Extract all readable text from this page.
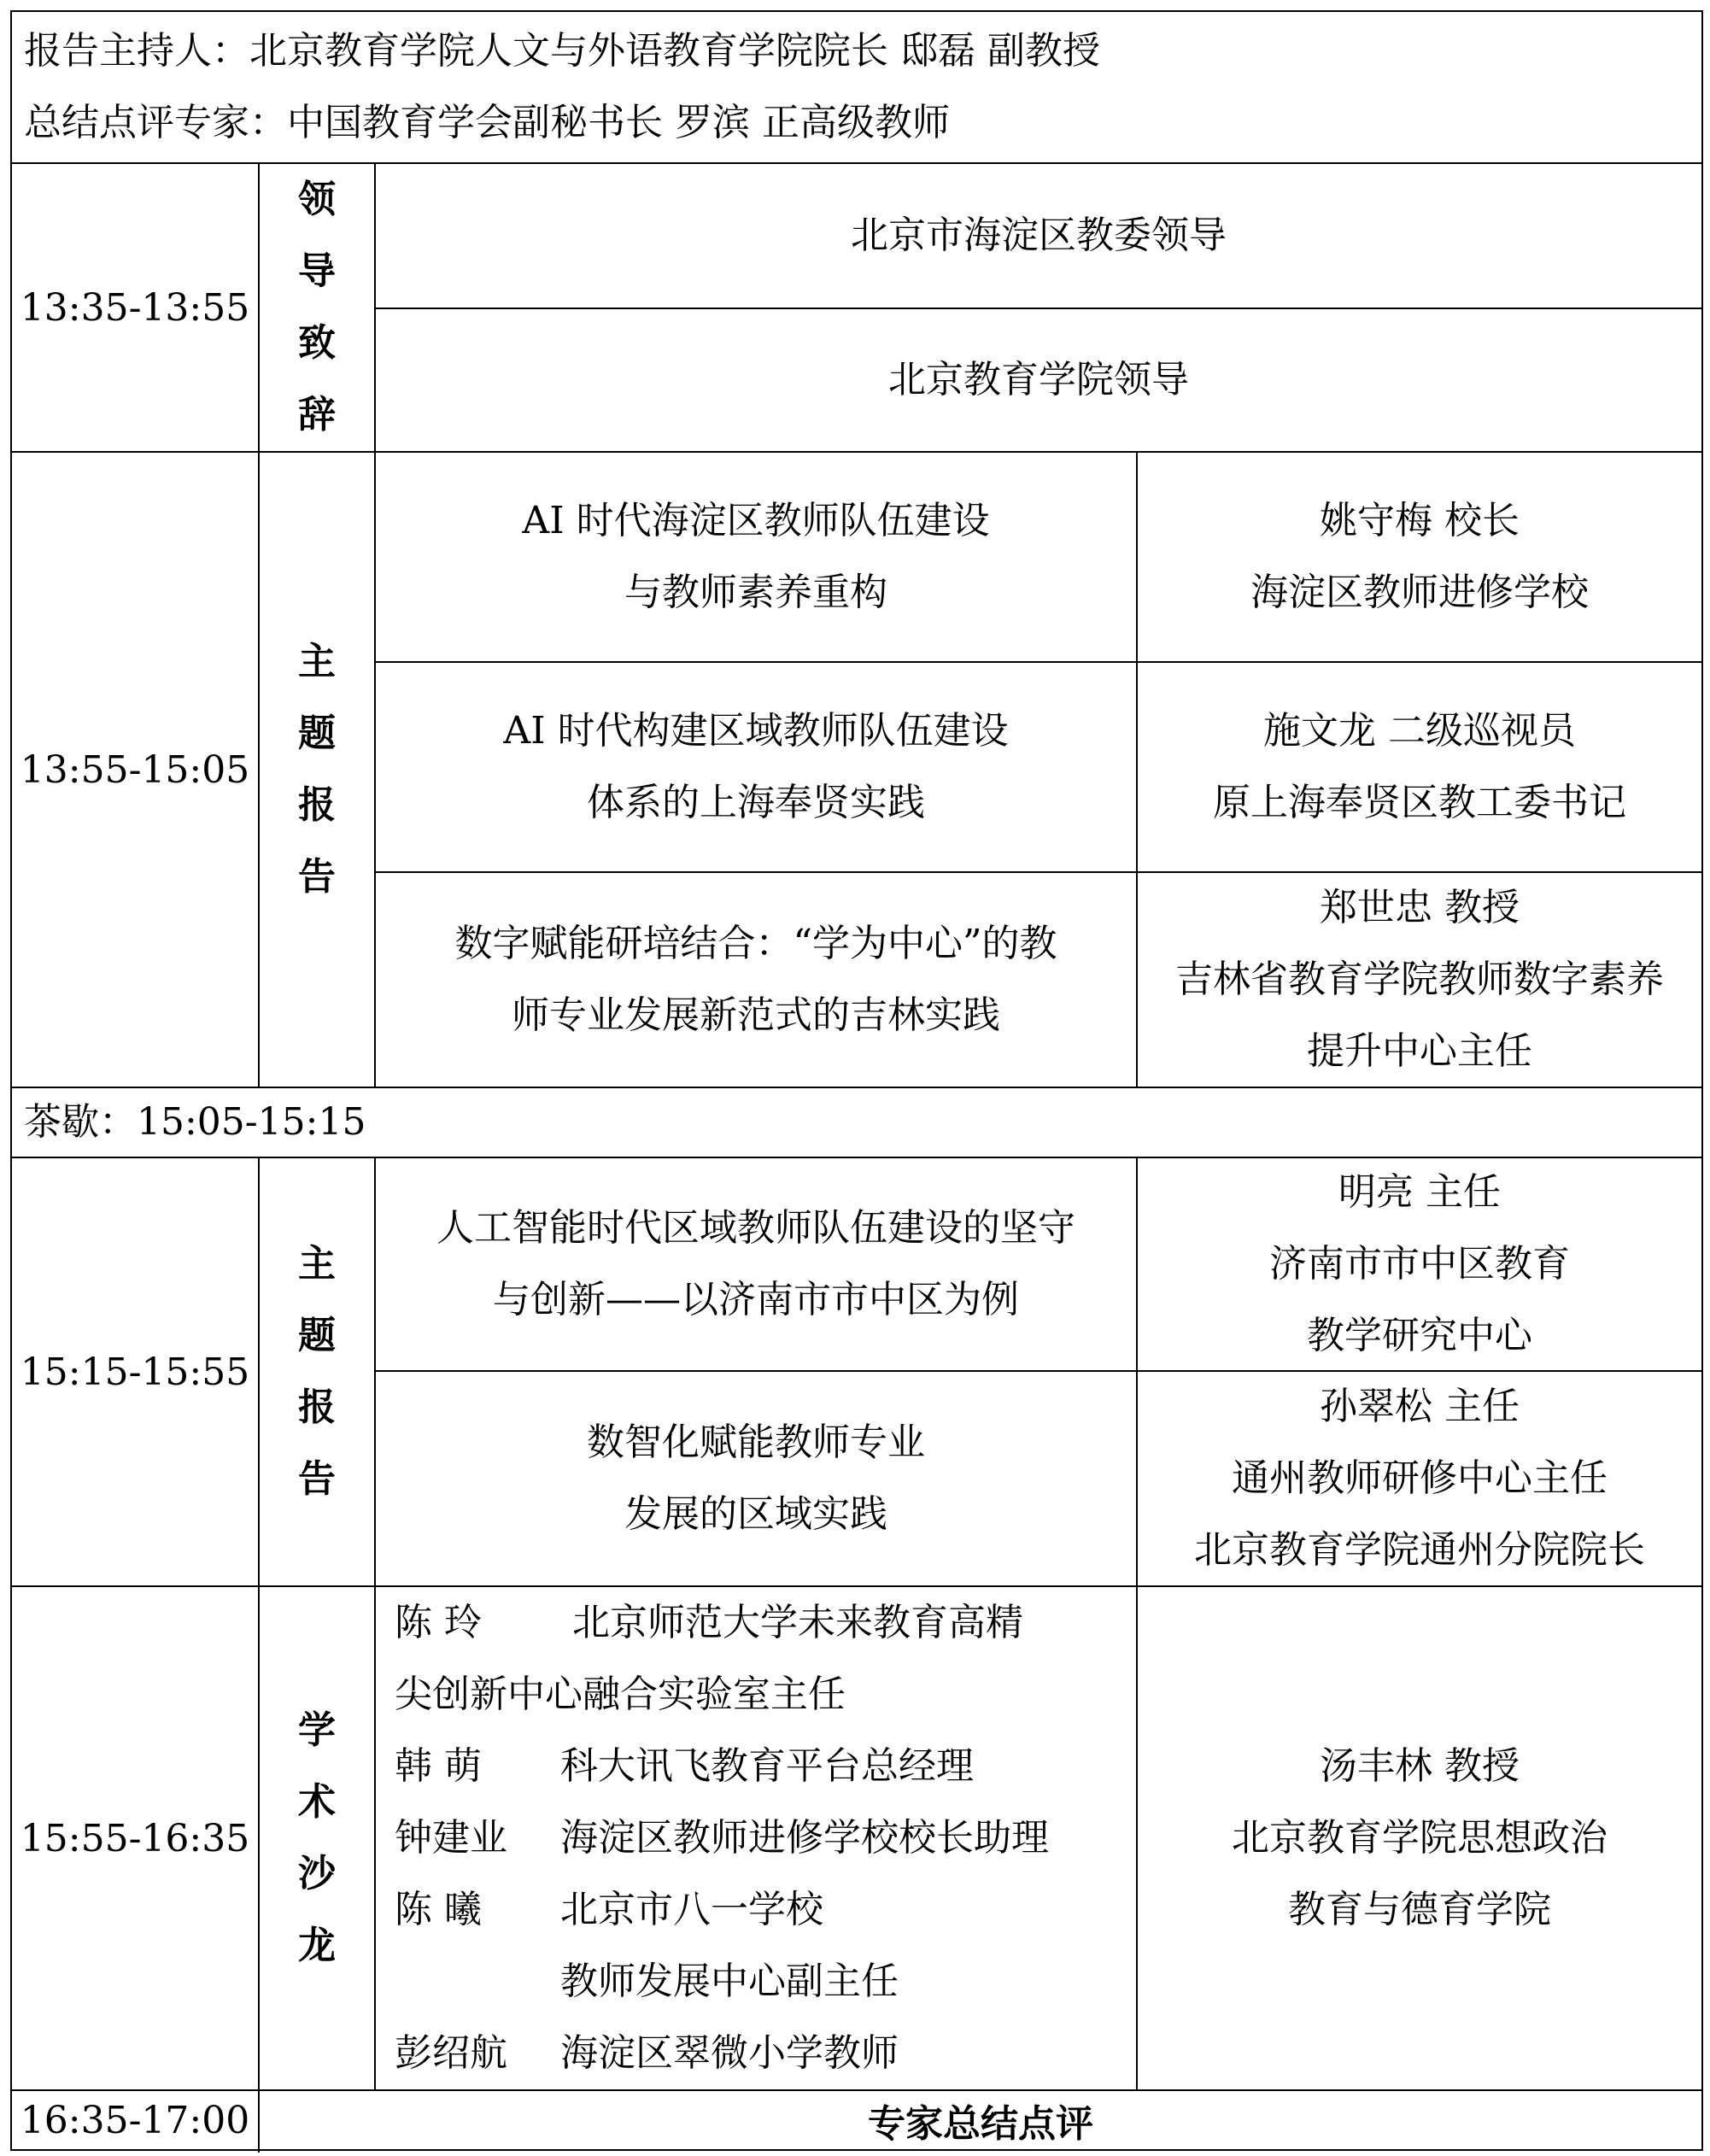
报告主持人：北京教育学院人文与外语教育学院院长 邸磊 副教授
总结点评专家：中国教育学会副秘书长 罗滨 正高级教师
13:35-13:55
领
导
致
辞
北京市海淀区教委领导
北京教育学院领导
13:55-15:05
主
题
报
告
AI 时代海淀区教师队伍建设
与教师素养重构
姚守梅 校长
海淀区教师进修学校
AI 时代构建区域教师队伍建设
体系的上海奉贤实践
施文龙 二级巡视员
原上海奉贤区教工委书记
数字赋能研培结合：“学为中心”的教
师专业发展新范式的吉林实践
郑世忠 教授
吉林省教育学院教师数字素养
提升中心主任
茶歇：15:05-15:15
15:15-15:55
主
题
报
告
人工智能时代区域教师队伍建设的坚守
与创新——以济南市市中区为例
明亮 主任
济南市市中区教育
教学研究中心
数智化赋能教师专业
发展的区域实践
孙翠松 主任
通州教师研修中心主任
北京教育学院通州分院院长
15:55-16:35
学
术
沙
龙
陈 玲 北京师范大学未来教育高精
尖创新中心融合实验室主任
韩 萌 科大讯飞教育平台总经理
钟建业 海淀区教师进修学校校长助理
陈 曦 北京市八一学校
教师发展中心副主任
彭绍航 海淀区翠微小学教师
汤丰林 教授
北京教育学院思想政治
教育与德育学院
16:35-17:00	专家总结点评
